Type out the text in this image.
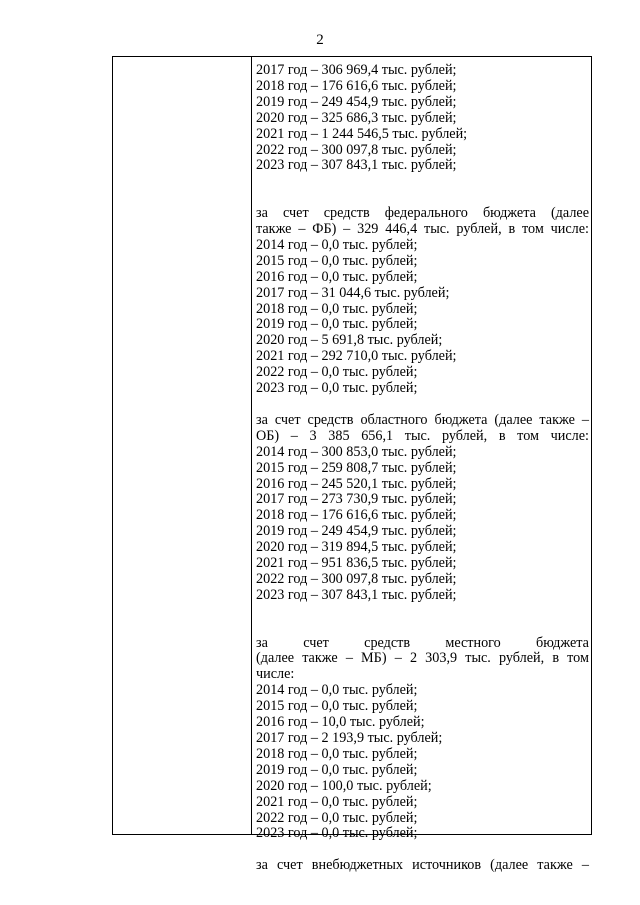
2
2017 год – 306 969,4 тыс. рублей;
2018 год – 176 616,6 тыс. рублей;
2019 год – 249 454,9 тыс. рублей;
2020 год – 325 686,3 тыс. рублей;
2021 год – 1 244 546,5 тыс. рублей;
2022 год – 300 097,8 тыс. рублей;
2023 год – 307 843,1 тыс. рублей;
за счет средств федерального бюджета (далее
также – ФБ) – 329 446,4 тыс. рублей, в том числе:
2014 год – 0,0 тыс. рублей;
2015 год – 0,0 тыс. рублей;
2016 год – 0,0 тыс. рублей;
2017 год – 31 044,6 тыс. рублей;
2018 год – 0,0 тыс. рублей;
2019 год – 0,0 тыс. рублей;
2020 год – 5 691,8 тыс. рублей;
2021 год – 292 710,0 тыс. рублей;
2022 год – 0,0 тыс. рублей;
2023 год – 0,0 тыс. рублей;
за счет средств областного бюджета (далее также –
ОБ) – 3 385 656,1 тыс. рублей, в том числе:
2014 год – 300 853,0 тыс. рублей;
2015 год – 259 808,7 тыс. рублей;
2016 год – 245 520,1 тыс. рублей;
2017 год – 273 730,9 тыс. рублей;
2018 год – 176 616,6 тыс. рублей;
2019 год – 249 454,9 тыс. рублей;
2020 год – 319 894,5 тыс. рублей;
2021 год – 951 836,5 тыс. рублей;
2022 год – 300 097,8 тыс. рублей;
2023 год – 307 843,1 тыс. рублей;
за счет средств местного бюджета
(далее также – МБ) – 2 303,9 тыс. рублей, в том
числе:
2014 год – 0,0 тыс. рублей;
2015 год – 0,0 тыс. рублей;
2016 год – 10,0 тыс. рублей;
2017 год – 2 193,9 тыс. рублей;
2018 год – 0,0 тыс. рублей;
2019 год – 0,0 тыс. рублей;
2020 год – 100,0 тыс. рублей;
2021 год – 0,0 тыс. рублей;
2022 год – 0,0 тыс. рублей;
2023 год – 0,0 тыс. рублей;
за счет внебюджетных источников (далее также –
